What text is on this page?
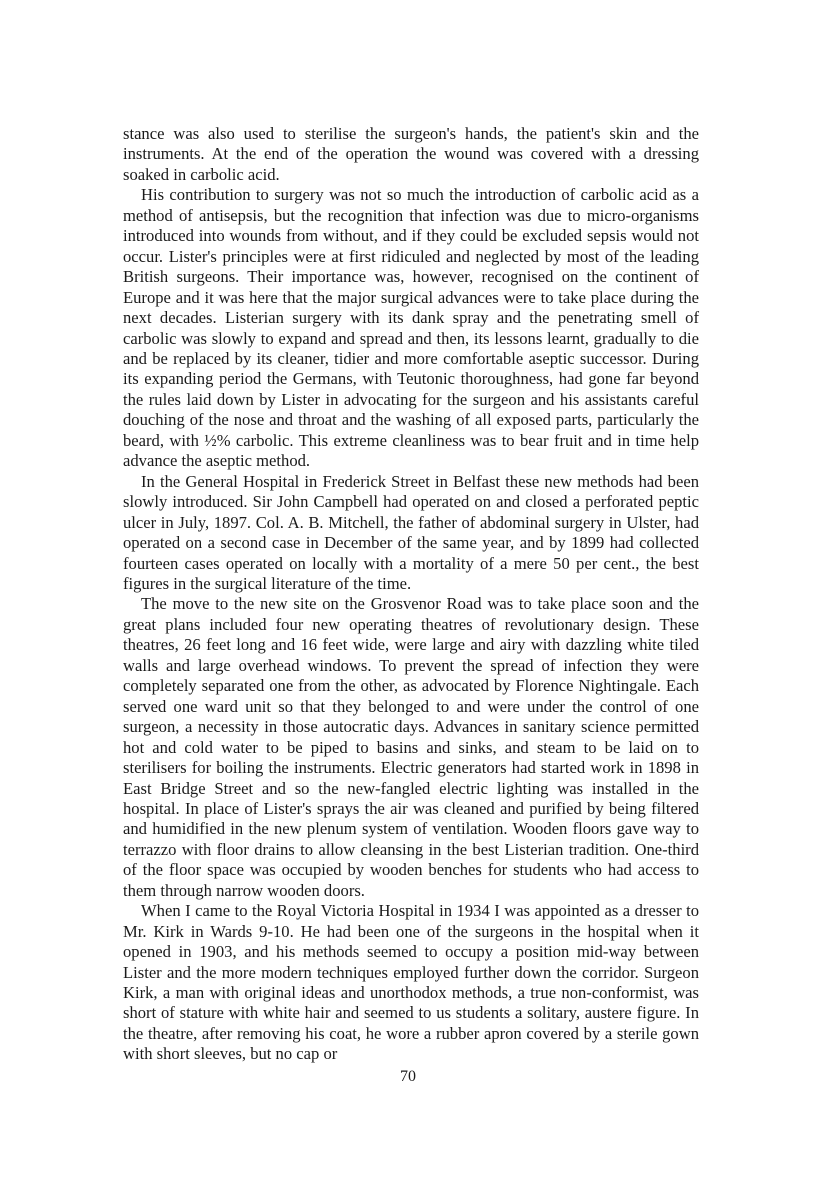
stance was also used to sterilise the surgeon's hands, the patient's skin and the instruments. At the end of the operation the wound was covered with a dressing soaked in carbolic acid.

His contribution to surgery was not so much the introduction of carbolic acid as a method of antisepsis, but the recognition that infection was due to micro-organisms introduced into wounds from without, and if they could be excluded sepsis would not occur. Lister's principles were at first ridiculed and neglected by most of the leading British surgeons. Their importance was, however, recognised on the continent of Europe and it was here that the major surgical advances were to take place during the next decades. Listerian surgery with its dank spray and the penetrating smell of carbolic was slowly to expand and spread and then, its lessons learnt, gradually to die and be replaced by its cleaner, tidier and more comfortable aseptic successor. During its expanding period the Germans, with Teutonic thoroughness, had gone far beyond the rules laid down by Lister in advocating for the surgeon and his assistants careful douching of the nose and throat and the washing of all exposed parts, particularly the beard, with ½% carbolic. This extreme cleanliness was to bear fruit and in time help advance the aseptic method.

In the General Hospital in Frederick Street in Belfast these new methods had been slowly introduced. Sir John Campbell had operated on and closed a perforated peptic ulcer in July, 1897. Col. A. B. Mitchell, the father of abdominal surgery in Ulster, had operated on a second case in December of the same year, and by 1899 had collected fourteen cases operated on locally with a mortality of a mere 50 per cent., the best figures in the surgical literature of the time.

The move to the new site on the Grosvenor Road was to take place soon and the great plans included four new operating theatres of revolutionary design. These theatres, 26 feet long and 16 feet wide, were large and airy with dazzling white tiled walls and large overhead windows. To prevent the spread of infection they were completely separated one from the other, as advocated by Florence Nightingale. Each served one ward unit so that they belonged to and were under the control of one surgeon, a necessity in those autocratic days. Advances in sanitary science permitted hot and cold water to be piped to basins and sinks, and steam to be laid on to sterilisers for boiling the instruments. Electric generators had started work in 1898 in East Bridge Street and so the new-fangled electric lighting was installed in the hospital. In place of Lister's sprays the air was cleaned and purified by being filtered and humidified in the new plenum system of ventilation. Wooden floors gave way to terrazzo with floor drains to allow cleansing in the best Listerian tradition. One-third of the floor space was occupied by wooden benches for students who had access to them through narrow wooden doors.

When I came to the Royal Victoria Hospital in 1934 I was appointed as a dresser to Mr. Kirk in Wards 9-10. He had been one of the surgeons in the hospital when it opened in 1903, and his methods seemed to occupy a position mid-way between Lister and the more modern techniques employed further down the corridor. Surgeon Kirk, a man with original ideas and unorthodox methods, a true non-conformist, was short of stature with white hair and seemed to us students a solitary, austere figure. In the theatre, after removing his coat, he wore a rubber apron covered by a sterile gown with short sleeves, but no cap or

70
